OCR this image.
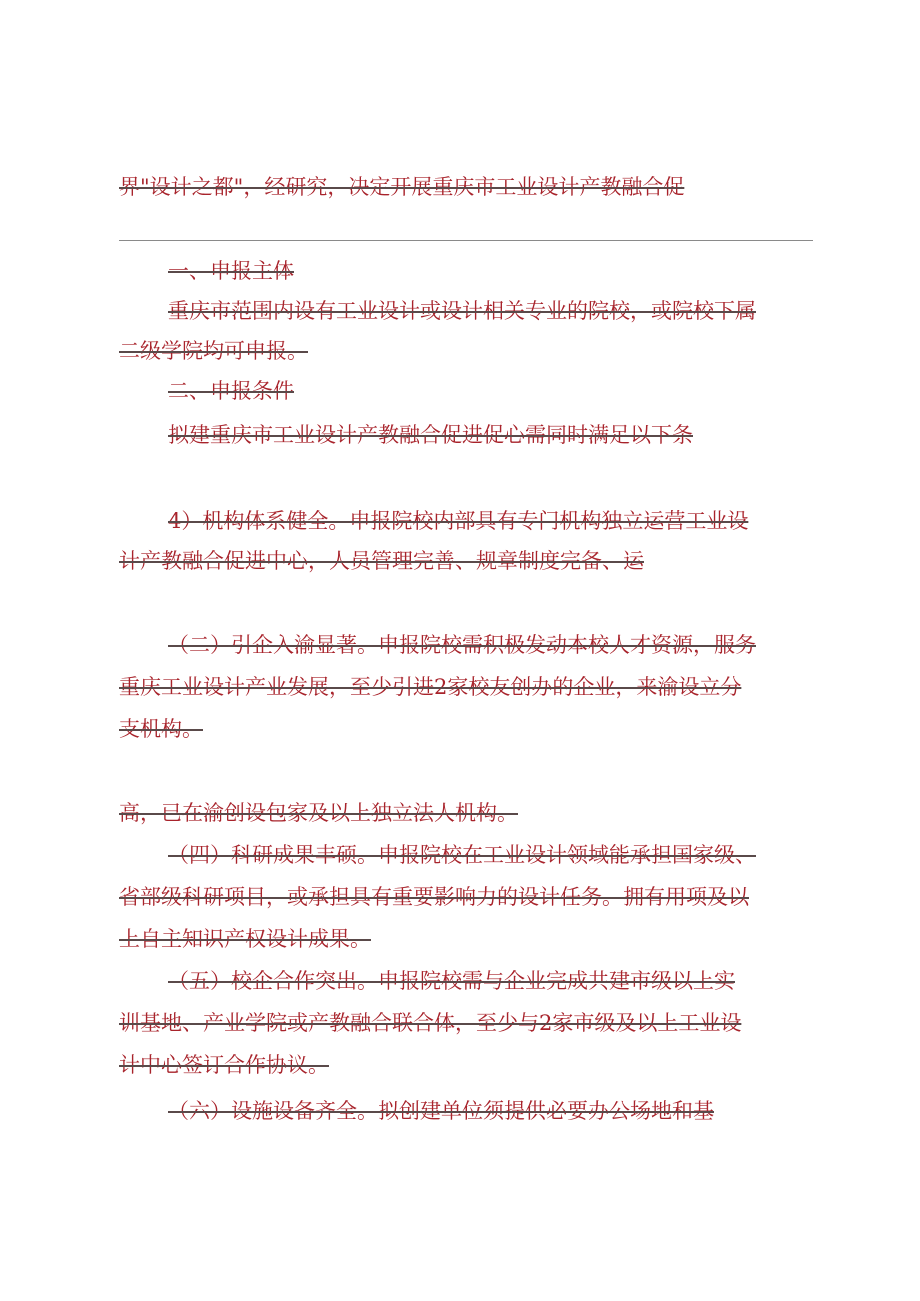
界"设计之都"，经研究，决定开展重庆市工业设计产教融合促
一、申报主体
重庆市范围内设有工业设计或设计相关专业的院校，或院校下属
二级学院均可申报。
二、申报条件
拟建重庆市工业设计产教融合促进促心需同时满足以下条
4）机构体系健全。申报院校内部具有专门机构独立运营工业设
计产教融合促进中心，人员管理完善、规章制度完备、运
（二）引企入渝显著。申报院校需积极发动本校人才资源，服务
重庆工业设计产业发展，至少引进2家校友创办的企业，来渝设立分
支机构。
高，已在渝创设包家及以上独立法人机构。
（四）科研成果丰硕。申报院校在工业设计领域能承担国家级、
省部级科研项目，或承担具有重要影响力的设计任务。拥有用项及以
上自主知识产权设计成果。
（五）校企合作突出。申报院校需与企业完成共建市级以上实
训基地、产业学院或产教融合联合体，至少与2家市级及以上工业设
计中心签订合作协议。
（六）设施设备齐全。拟创建单位须提供必要办公场地和基
